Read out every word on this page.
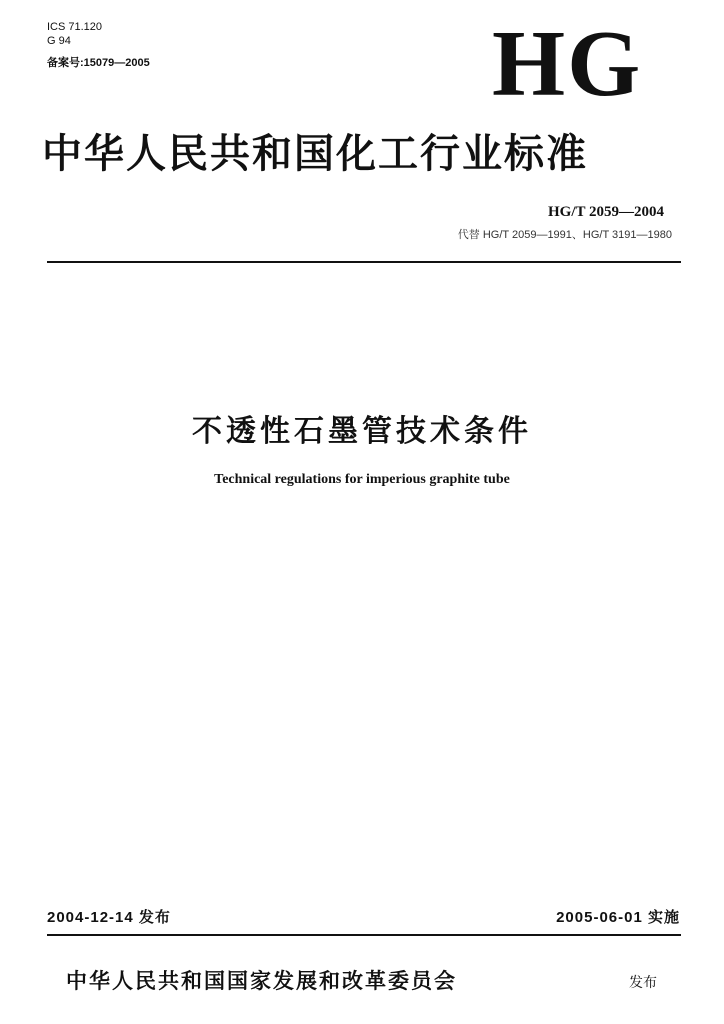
ICS 71.120
G 94
备案号:15079—2005	HG
中华人民共和国化工行业标准
HG/T 2059—2004
代替 HG/T 2059—1991、HG/T 3191—1980
不透性石墨管技术条件
Technical regulations for imperious graphite tube
2004-12-14 发布	2005-06-01 实施
中华人民共和国国家发展和改革委员会	发布
